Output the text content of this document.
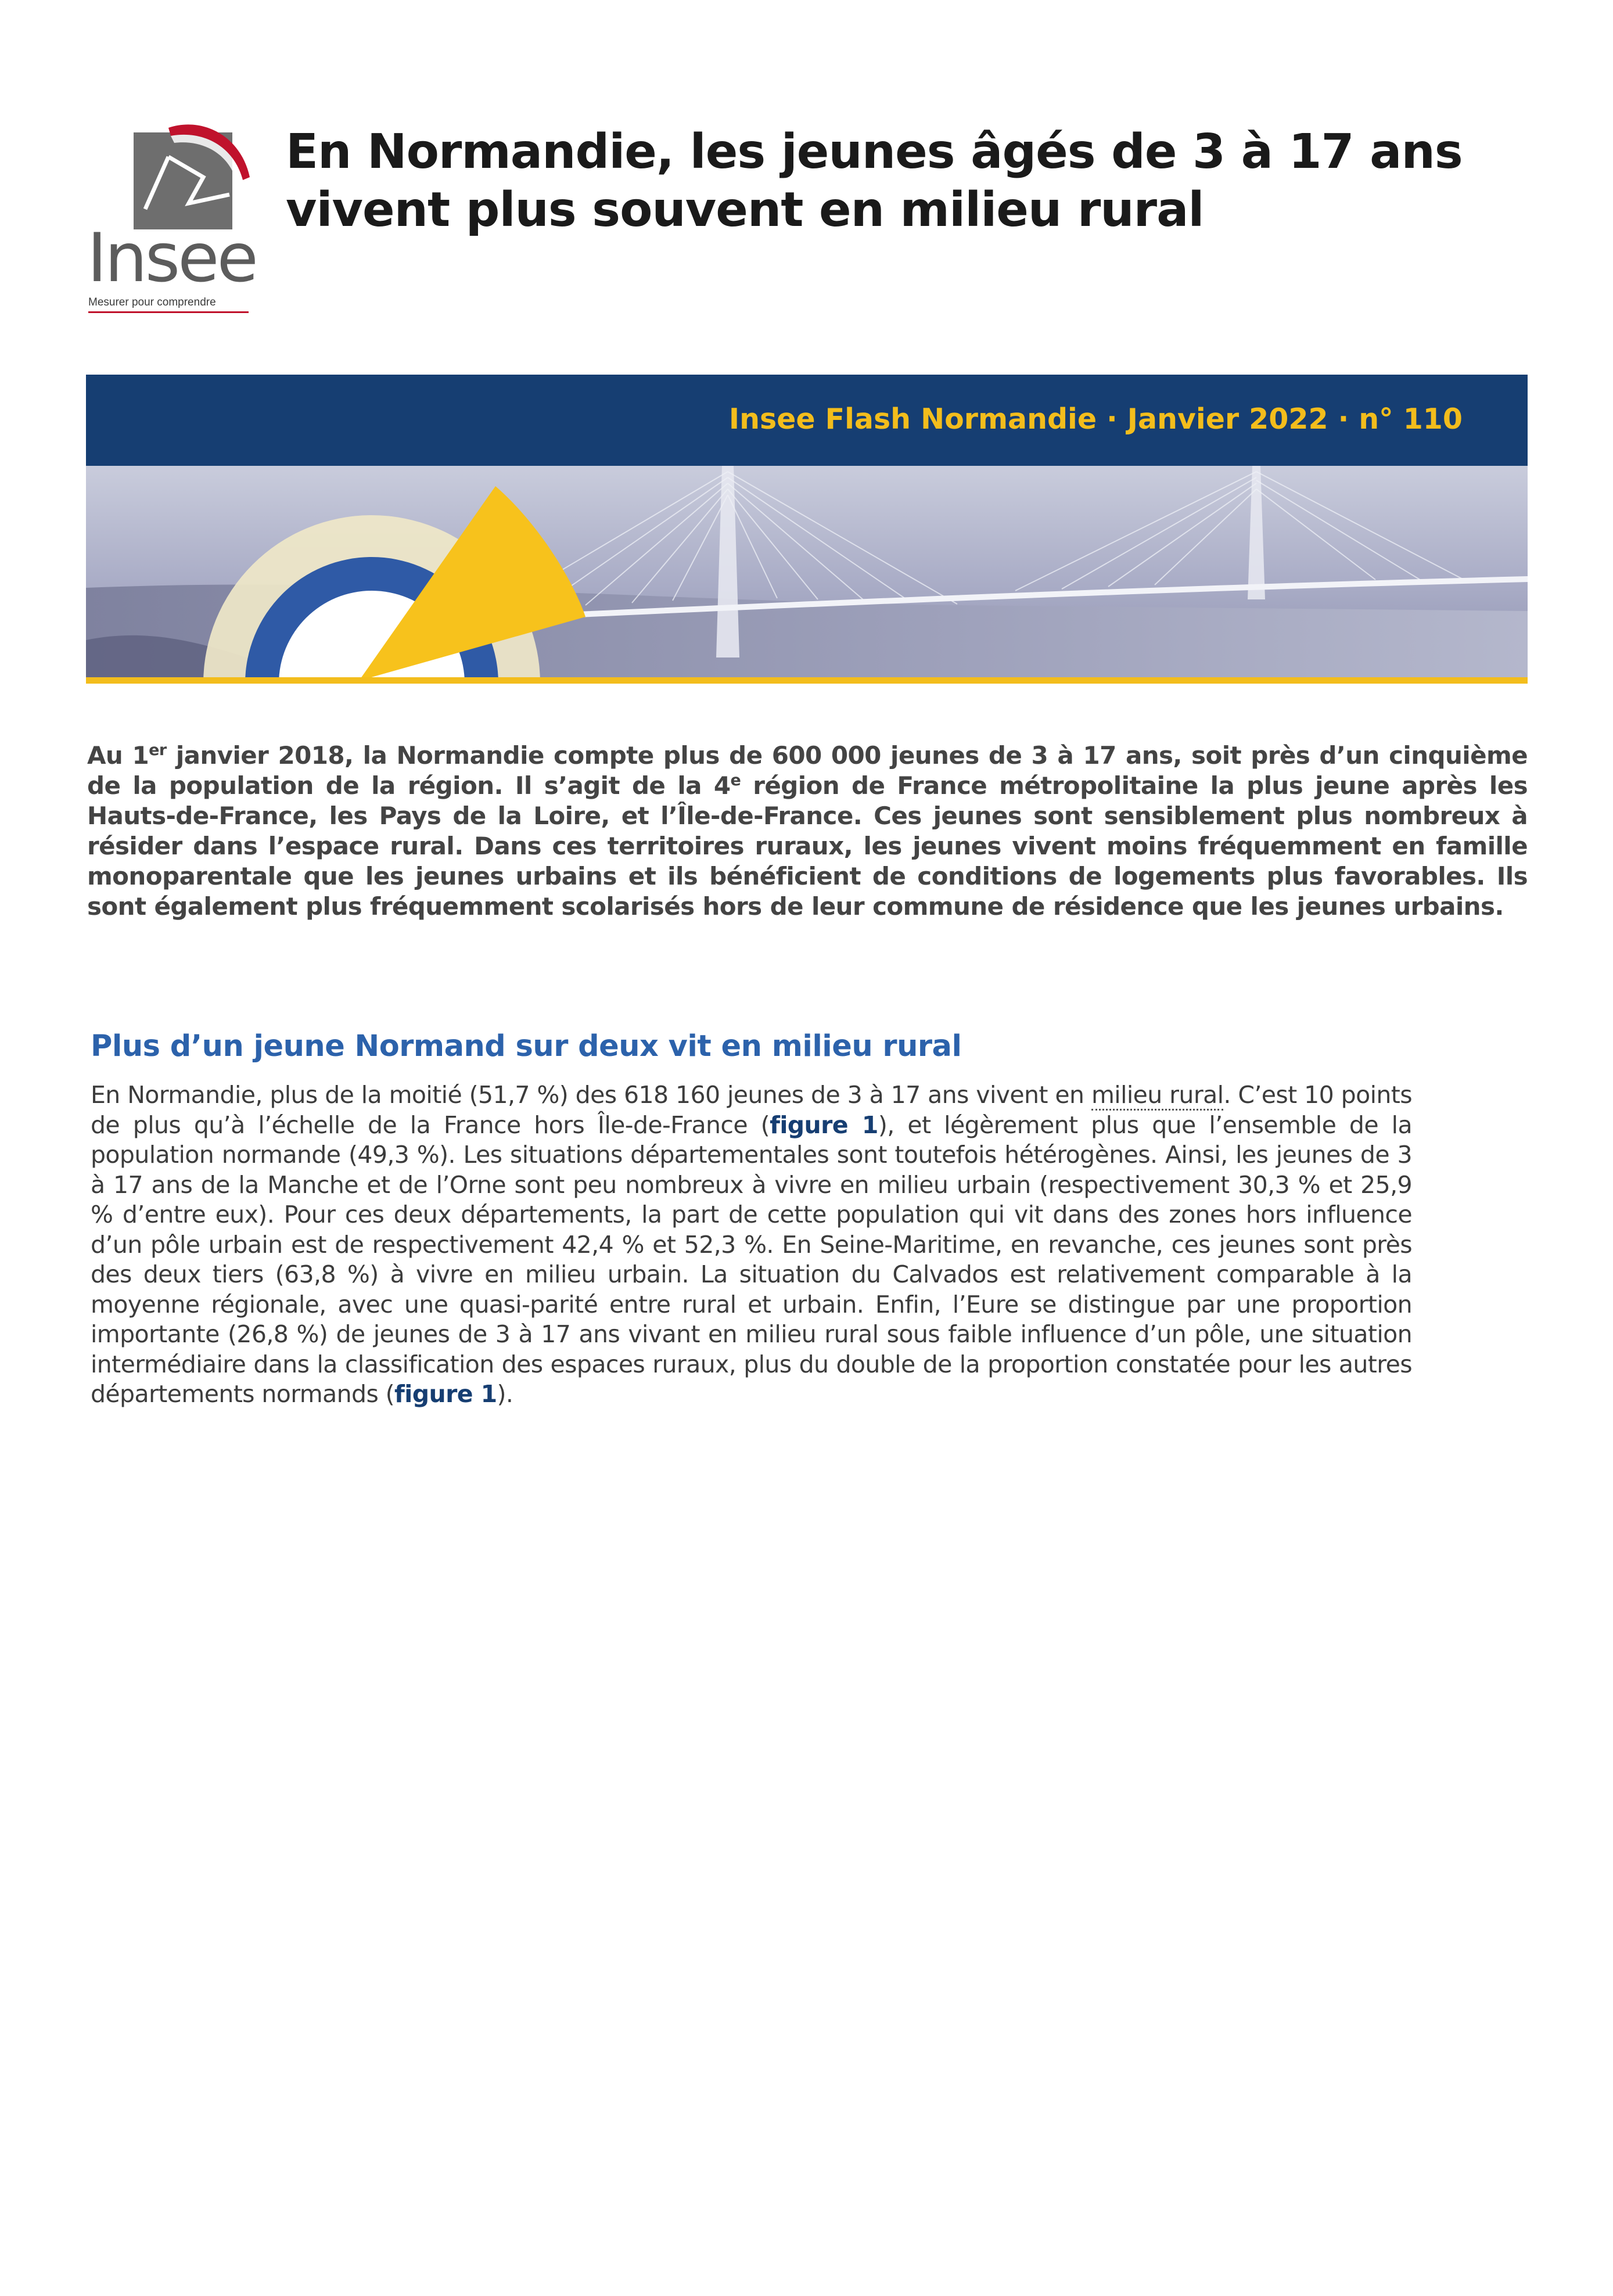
Insee
Mesurer pour comprendre
En Normandie, les jeunes âgés de 3 à 17 ans vivent plus souvent en milieu rural
Insee Flash Normandie · Janvier 2022 · n° 110

Au 1er janvier 2018, la Normandie compte plus de 600 000 jeunes de 3 à 17 ans, soit près d’un cinquième de la population de la région. Il s’agit de la 4e région de France métropolitaine la plus jeune après les Hauts-de-France, les Pays de la Loire, et l’Île-de-France. Ces jeunes sont sensiblement plus nombreux à résider dans l’espace rural. Dans ces territoires ruraux, les jeunes vivent moins fréquemment en famille monoparentale que les jeunes urbains et ils bénéficient de conditions de logements plus favorables. Ils sont également plus fréquemment scolarisés hors de leur commune de résidence que les jeunes urbains.

Plus d’un jeune Normand sur deux vit en milieu rural

En Normandie, plus de la moitié (51,7 %) des 618 160 jeunes de 3 à 17 ans vivent en milieu rural. C’est 10 points de plus qu’à l’échelle de la France hors Île-de-France (figure 1), et légèrement plus que l’ensemble de la population normande (49,3 %). Les situations départementales sont toutefois hétérogènes. Ainsi, les jeunes de 3 à 17 ans de la Manche et de l’Orne sont peu nombreux à vivre en milieu urbain (respectivement 30,3 % et 25,9 % d’entre eux). Pour ces deux départements, la part de cette population qui vit dans des zones hors influence d’un pôle urbain est de respectivement 42,4 % et 52,3 %. En Seine-Maritime, en revanche, ces jeunes sont près des deux tiers (63,8 %) à vivre en milieu urbain. La situation du Calvados est relativement comparable à la moyenne régionale, avec une quasi-parité entre rural et urbain. Enfin, l’Eure se distingue par une proportion importante (26,8 %) de jeunes de 3 à 17 ans vivant en milieu rural sous faible influence d’un pôle, une situation intermédiaire dans la classification des espaces ruraux, plus du double de la proportion constatée pour les autres départements normands (figure 1).
